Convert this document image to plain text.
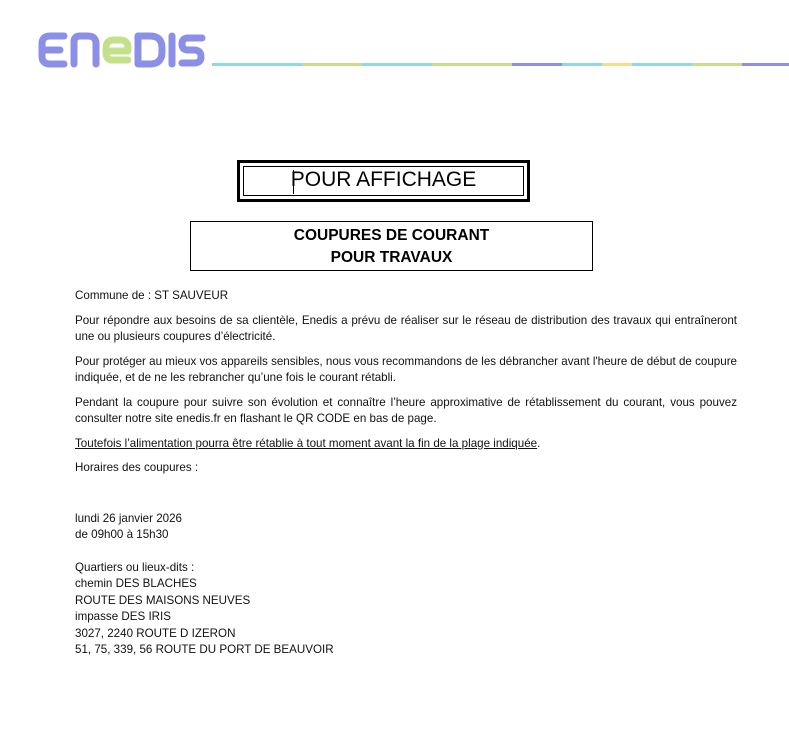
POUR AFFICHAGE
COUPURES DE COURANT
POUR TRAVAUX

Commune de : ST SAUVEUR

Pour répondre aux besoins de sa clientèle, Enedis a prévu de réaliser sur le réseau de distribution des travaux qui entraîneront une ou plusieurs coupures d’électricité.

Pour protéger au mieux vos appareils sensibles, nous vous recommandons de les débrancher avant l'heure de début de coupure indiquée, et de ne les rebrancher qu’une fois le courant rétabli.

Pendant la coupure pour suivre son évolution et connaître l’heure approximative de rétablissement du courant, vous pouvez consulter notre site enedis.fr en flashant le QR CODE en bas de page.

Toutefois l’alimentation pourra être rétablie à tout moment avant la fin de la plage indiquée.

Horaires des coupures :

lundi 26 janvier 2026
de 09h00 à 15h30
Quartiers ou lieux-dits :
chemin DES BLACHES
ROUTE DES MAISONS NEUVES
impasse DES IRIS
3027, 2240 ROUTE D IZERON
51, 75, 339, 56 ROUTE DU PORT DE BEAUVOIR
